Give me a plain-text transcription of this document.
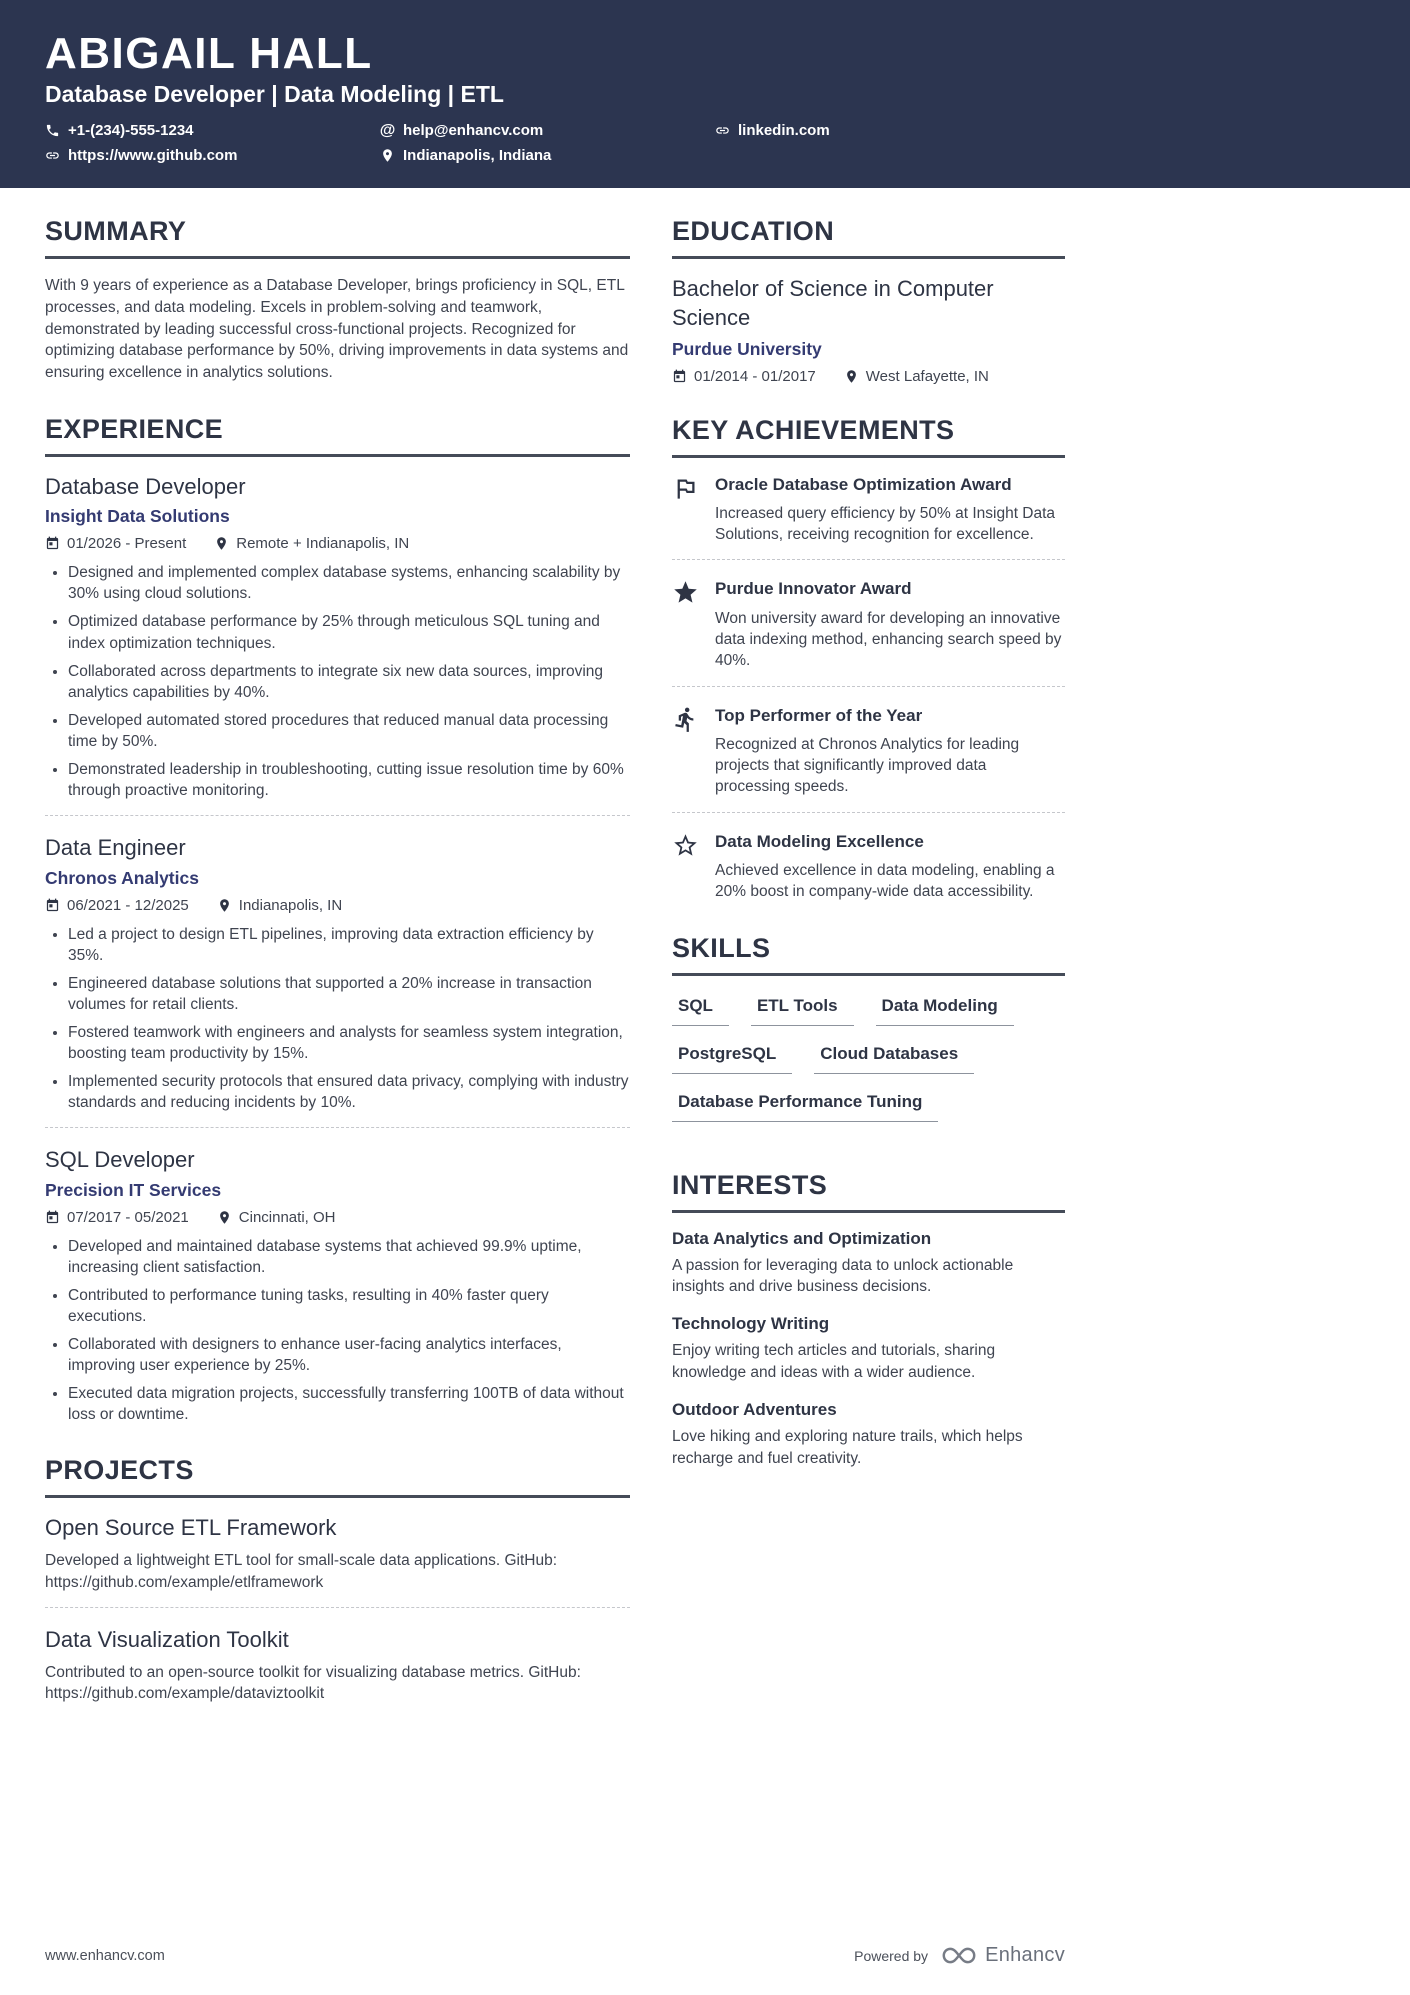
ABIGAIL HALL
Database Developer | Data Modeling | ETL
+1-(234)-555-1234	@ help@enhancv.com	linkedin.com
https://www.github.com	Indianapolis, Indiana
SUMMARY

With 9 years of experience as a Database Developer, brings proficiency in SQL, ETL processes, and data modeling. Excels in problem-solving and teamwork, demonstrated by leading successful cross-functional projects. Recognized for optimizing database performance by 50%, driving improvements in data systems and ensuring excellence in analytics solutions.

EXPERIENCE
Database Developer
Insight Data Solutions
01/2026 - Present	Remote + Indianapolis, IN
• Designed and implemented complex database systems, enhancing scalability by 30% using cloud solutions.
• Optimized database performance by 25% through meticulous SQL tuning and index optimization techniques.
• Collaborated across departments to integrate six new data sources, improving analytics capabilities by 40%.
• Developed automated stored procedures that reduced manual data processing time by 50%.
• Demonstrated leadership in troubleshooting, cutting issue resolution time by 60% through proactive monitoring.
Data Engineer
Chronos Analytics
06/2021 - 12/2025	Indianapolis, IN
• Led a project to design ETL pipelines, improving data extraction efficiency by 35%.
• Engineered database solutions that supported a 20% increase in transaction volumes for retail clients.
• Fostered teamwork with engineers and analysts for seamless system integration, boosting team productivity by 15%.
• Implemented security protocols that ensured data privacy, complying with industry standards and reducing incidents by 10%.
SQL Developer
Precision IT Services
07/2017 - 05/2021	Cincinnati, OH
• Developed and maintained database systems that achieved 99.9% uptime, increasing client satisfaction.
• Contributed to performance tuning tasks, resulting in 40% faster query executions.
• Collaborated with designers to enhance user-facing analytics interfaces, improving user experience by 25%.
• Executed data migration projects, successfully transferring 100TB of data without loss or downtime.
PROJECTS
Open Source ETL Framework

Developed a lightweight ETL tool for small-scale data applications. GitHub: https://github.com/example/etlframework

Data Visualization Toolkit

Contributed to an open-source toolkit for visualizing database metrics. GitHub: https://github.com/example/dataviztoolkit

EDUCATION
Bachelor of Science in Computer Science
Purdue University
01/2014 - 01/2017	West Lafayette, IN
KEY ACHIEVEMENTS
Oracle Database Optimization Award

Increased query efficiency by 50% at Insight Data Solutions, receiving recognition for excellence.

Purdue Innovator Award

Won university award for developing an innovative data indexing method, enhancing search speed by 40%.

Top Performer of the Year

Recognized at Chronos Analytics for leading projects that significantly improved data processing speeds.

Data Modeling Excellence

Achieved excellence in data modeling, enabling a 20% boost in company-wide data accessibility.

SKILLS
SQL	ETL Tools	Data Modeling
PostgreSQL	Cloud Databases
Database Performance Tuning
INTERESTS
Data Analytics and Optimization

A passion for leveraging data to unlock actionable insights and drive business decisions.

Technology Writing

Enjoy writing tech articles and tutorials, sharing knowledge and ideas with a wider audience.

Outdoor Adventures

Love hiking and exploring nature trails, which helps recharge and fuel creativity.

www.enhancv.com	Powered by	Enhancv
